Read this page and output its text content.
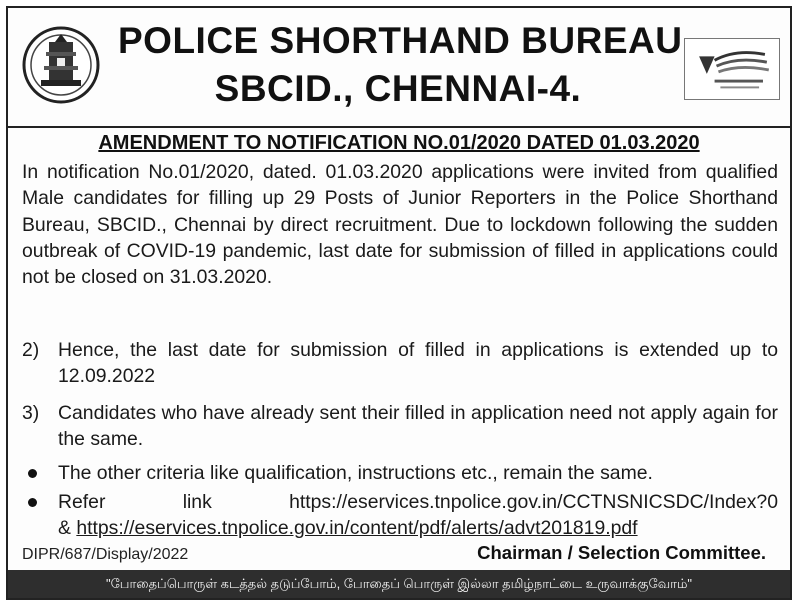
POLICE SHORTHAND BUREAU,
SBCID., CHENNAI-4.
AMENDMENT TO NOTIFICATION NO.01/2020 DATED 01.03.2020
In notification No.01/2020, dated. 01.03.2020 applications were invited from qualified Male candidates for filling up 29 Posts of Junior Reporters in the Police Shorthand Bureau, SBCID., Chennai by direct recruitment. Due to lockdown following the sudden outbreak of COVID-19 pandemic, last date for submission of filled in applications could not be closed on 31.03.2020.
2) Hence, the last date for submission of filled in applications is extended up to 12.09.2022
3) Candidates who have already sent their filled in application need not apply again for the same.
The other criteria like qualification, instructions etc., remain the same.
Refer	link	https://eservices.tnpolice.gov.in/CCTNSNICSDC/Index?0
& https://eservices.tnpolice.gov.in/content/pdf/alerts/advt201819.pdf
DIPR/687/Display/2022	Chairman / Selection Committee.
"போதைப்பொருள் கடத்தல் தடுப்போம், போதைப் பொருள் இல்லா தமிழ்நாட்டை உருவாக்குவோம்"
